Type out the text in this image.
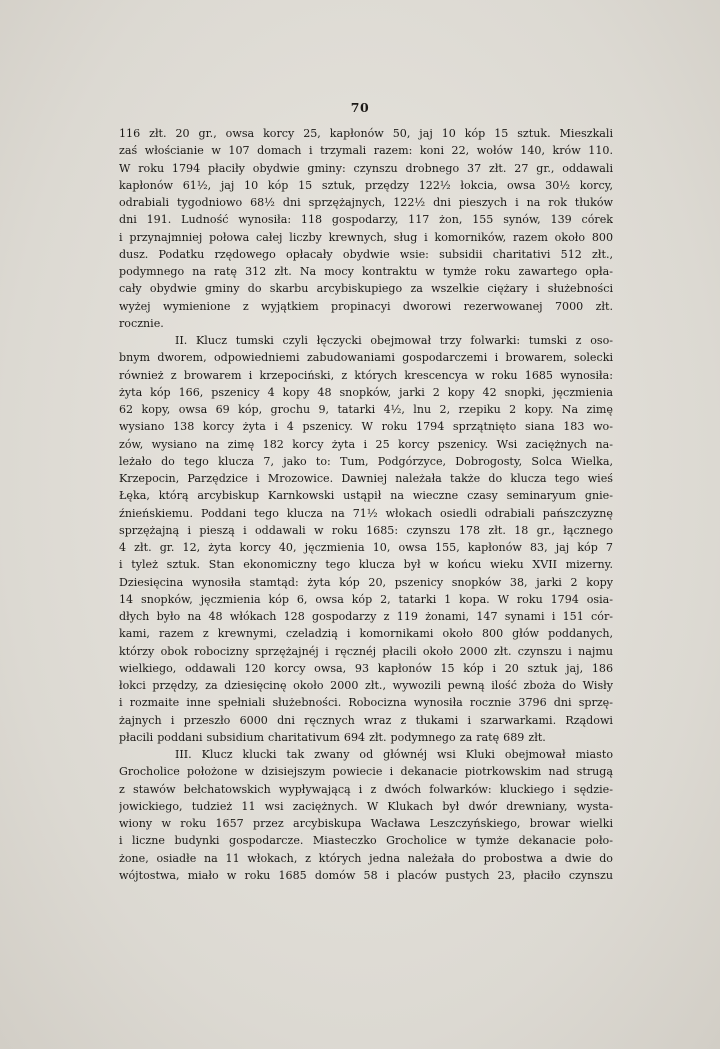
70
116 złt. 20 gr., owsa korcy 25, kapłonów 50, jaj 10 kóp 15 sztuk. Mieszkali
zaś włościanie w 107 domach i trzymali razem: koni 22, wołów 140, krów 110.
W roku 1794 płaciły obydwie gminy: czynszu drobnego 37 złt. 27 gr., oddawali
kapłonów 61½, jaj 10 kóp 15 sztuk, przędzy 122½ łokcia, owsa 30½ korcy,
odrabiali tygodniowo 68½ dni sprzężajnych, 122½ dni pieszych i na rok tłuków
dni 191. Ludność wynosiła: 118 gospodarzy, 117 żon, 155 synów, 139 córek
i przynajmniej połowa całej liczby krewnych, sług i komorników, razem około 800
dusz. Podatku rzędowego opłacały obydwie wsie: subsidii charitativi 512 złt.,
podymnego na ratę 312 złt. Na mocy kontraktu w tymże roku zawartego opła-
cały obydwie gminy do skarbu arcybiskupiego za wszelkie ciężary i służebności
wyżej wymienione z wyjątkiem propinacyi dworowi rezerwowanej 7000 złt.
rocznie.
II. Klucz tumski czyli łęczycki obejmował trzy folwarki: tumski z oso-
bnym dworem, odpowiedniemi zabudowaniami gospodarczemi i browarem, solecki
również z browarem i krzepociński, z których krescencya w roku 1685 wynosiła:
żyta kóp 166, pszenicy 4 kopy 48 snopków, jarki 2 kopy 42 snopki, jęczmienia
62 kopy, owsa 69 kóp, grochu 9, tatarki 4½, lnu 2, rzepiku 2 kopy. Na zimę
wysiano 138 korcy żyta i 4 pszenicy. W roku 1794 sprzątnięto siana 183 wo-
zów, wysiano na zimę 182 korcy żyta i 25 korcy pszenicy. Wsi zaciężnych na-
leżało do tego klucza 7, jako to: Tum, Podgórzyce, Dobrogosty, Solca Wielka,
Krzepocin, Parzędzice i Mrozowice. Dawniej należała także do klucza tego wieś
Łęka, którą arcybiskup Karnkowski ustąpił na wieczne czasy seminaryum gnie-
źnieńskiemu. Poddani tego klucza na 71½ włokach osiedli odrabiali pańszczyznę
sprzężajną i pieszą i oddawali w roku 1685: czynszu 178 złt. 18 gr., łącznego
4 złt. gr. 12, żyta korcy 40, jęczmienia 10, owsa 155, kapłonów 83, jaj kóp 7
i tyleż sztuk. Stan ekonomiczny tego klucza był w końcu wieku XVII mizerny.
Dziesięcina wynosiła stamtąd: żyta kóp 20, pszenicy snopków 38, jarki 2 kopy
14 snopków, jęczmienia kóp 6, owsa kóp 2, tatarki 1 kopa. W roku 1794 osia-
dłych było na 48 włókach 128 gospodarzy z 119 żonami, 147 synami i 151 cór-
kami, razem z krewnymi, czeladzią i komornikami około 800 głów poddanych,
którzy obok robocizny sprzężajnéj i ręcznéj płacili około 2000 złt. czynszu i najmu
wielkiego, oddawali 120 korcy owsa, 93 kapłonów 15 kóp i 20 sztuk jaj, 186
łokci przędzy, za dziesięcinę około 2000 złt., wywozili pewną ilość zboża do Wisły
i rozmaite inne spełniali służebności. Robocizna wynosiła rocznie 3796 dni sprzę-
żajnych i przeszło 6000 dni ręcznych wraz z tłukami i szarwarkami. Rządowi
płacili poddani subsidium charitativum 694 złt. podymnego za ratę 689 złt.
III. Klucz klucki tak zwany od głównéj wsi Kluki obejmował miasto
Grocholice położone w dzisiejszym powiecie i dekanacie piotrkowskim nad strugą
z stawów bełchatowskich wypływającą i z dwóch folwarków: kluckiego i sędzie-
jowickiego, tudzież 11 wsi zaciężnych. W Klukach był dwór drewniany, wysta-
wiony w roku 1657 przez arcybiskupa Wacława Leszczyńskiego, browar wielki
i liczne budynki gospodarcze. Miasteczko Grocholice w tymże dekanacie poło-
żone, osiadłe na 11 włokach, z których jedna należała do probostwa a dwie do
wójtostwa, miało w roku 1685 domów 58 i placów pustych 23, płaciło czynszu
